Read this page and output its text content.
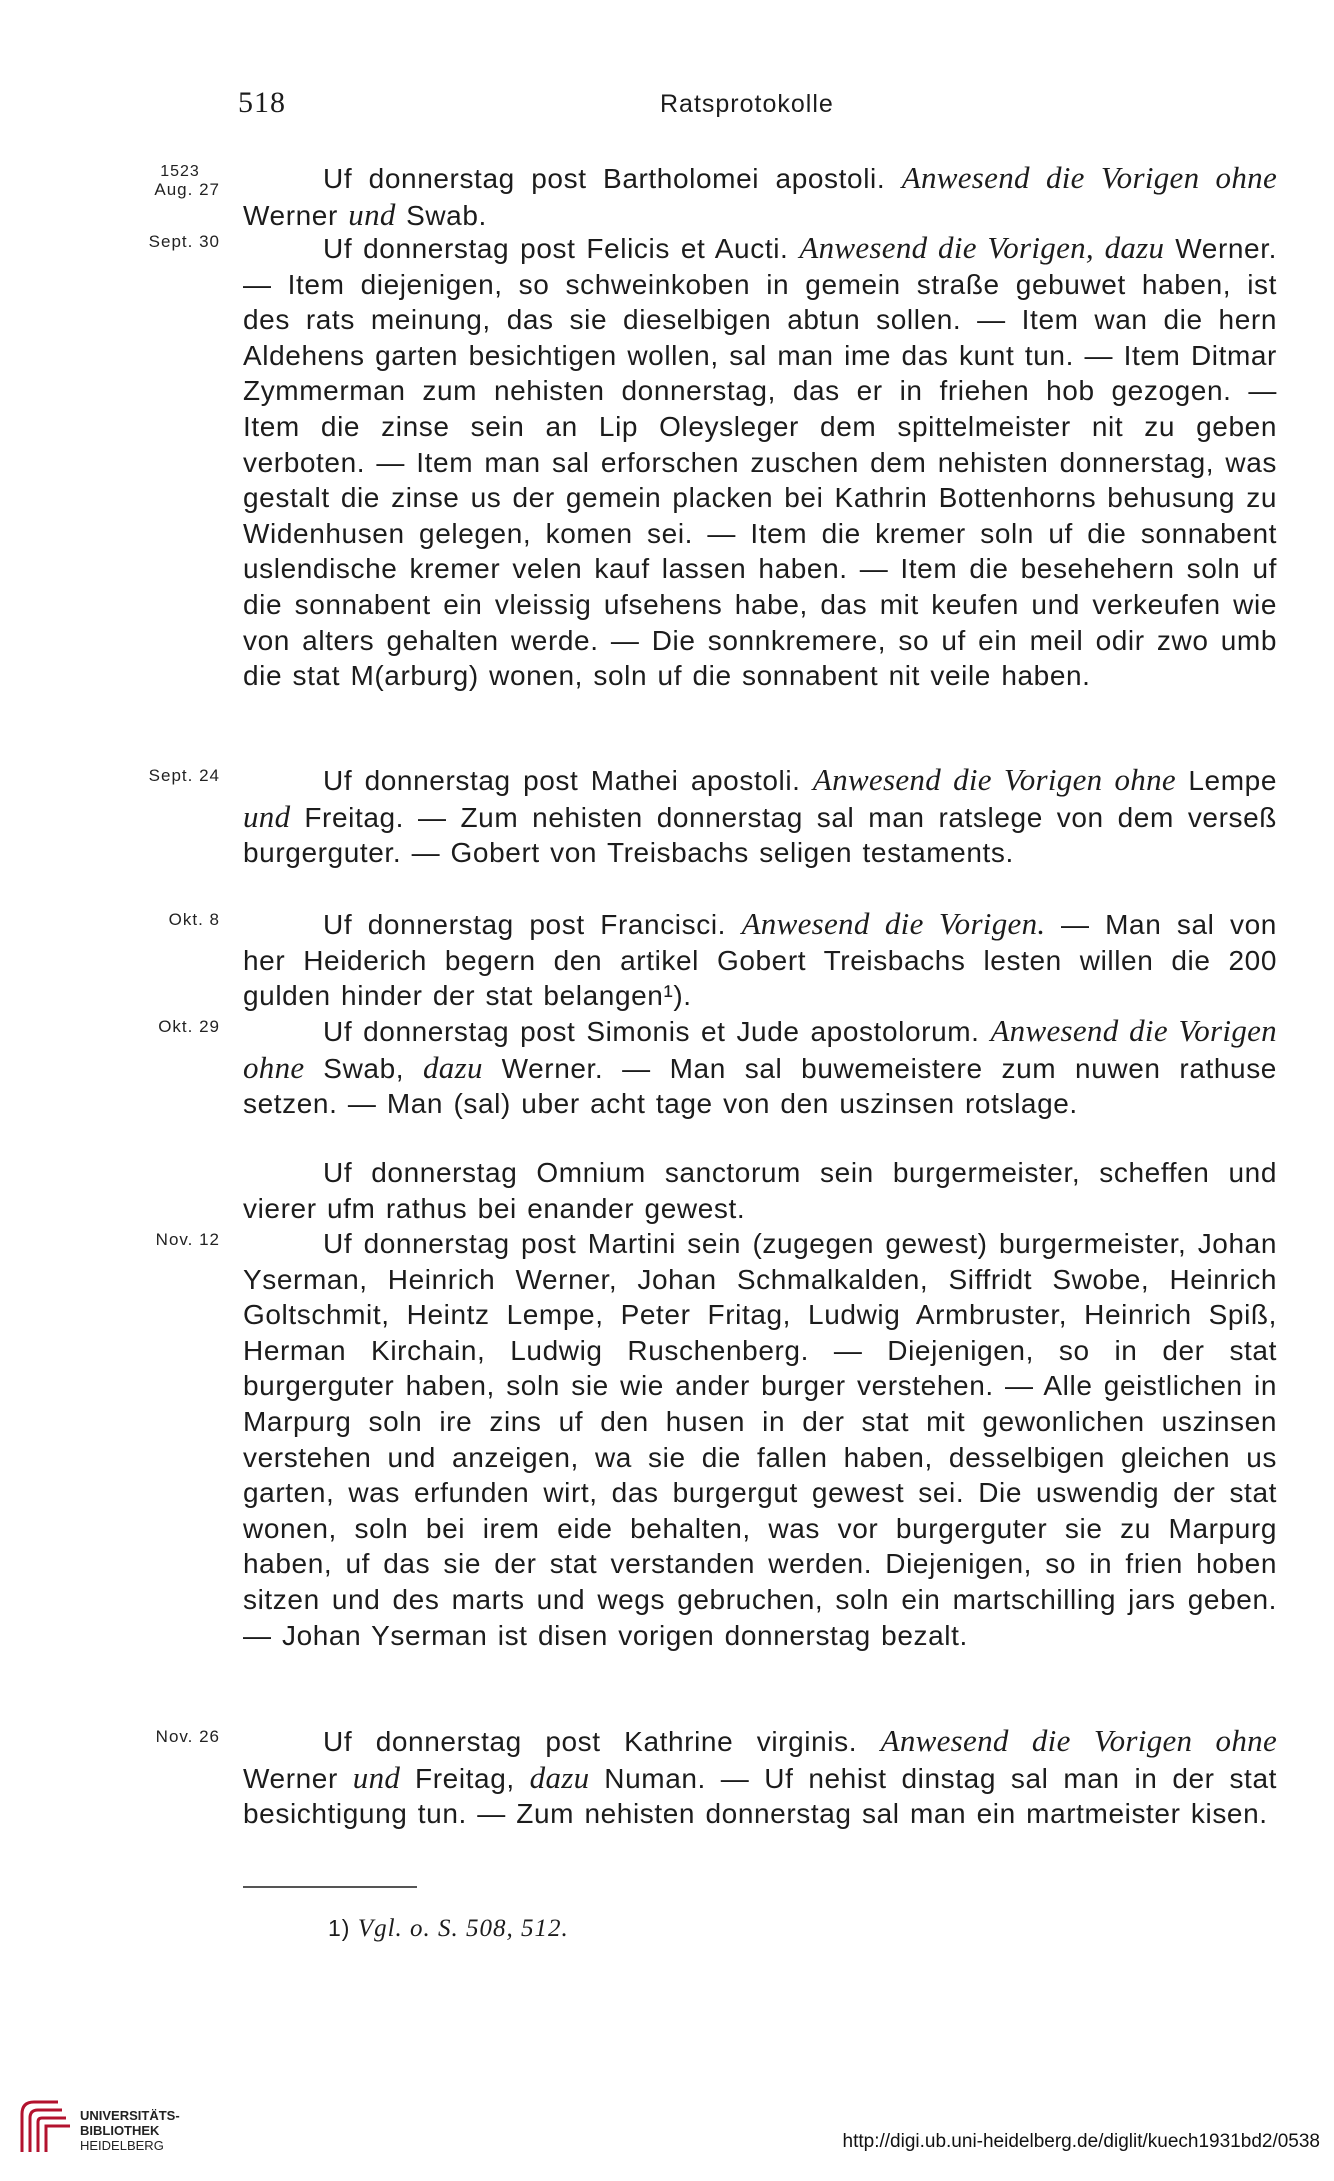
518	Ratsprotokolle
1523
Aug. 27	Uf donnerstag post Bartholomei apostoli. Anwesend die Vorigen ohne Werner und Swab.

Sept. 30	Uf donnerstag post Felicis et Aucti. Anwesend die Vorigen, dazu Werner. — Item diejenigen, so schweinkoben in gemein straße gebuwet haben, ist des rats meinung, das sie dieselbigen abtun sollen. — Item wan die hern Aldehens garten besichtigen wollen, sal man ime das kunt tun. — Item Ditmar Zymmerman zum nehisten donnerstag, das er in friehen hob gezogen. — Item die zinse sein an Lip Oleysleger dem spittelmeister nit zu geben verboten. — Item man sal erforschen zuschen dem nehisten donnerstag, was gestalt die zinse us der gemein placken bei Kathrin Bottenhorns behusung zu Widenhusen gelegen, komen sei. — Item die kremer soln uf die sonnabent uslendische kremer velen kauf lassen haben. — Item die besehehern soln uf die sonnabent ein vleissig ufsehens habe, das mit keufen und verkeufen wie von alters gehalten werde. — Die sonnkremere, so uf ein meil odir zwo umb die stat M(arburg) wonen, soln uf die sonnabent nit veile haben.

Sept. 24	Uf donnerstag post Mathei apostoli. Anwesend die Vorigen ohne Lempe und Freitag. — Zum nehisten donnerstag sal man ratslege von dem verseß burgerguter. — Gobert von Treisbachs seligen testaments.

Okt. 8	Uf donnerstag post Francisci. Anwesend die Vorigen. — Man sal von her Heiderich begern den artikel Gobert Treisbachs lesten willen die 200 gulden hinder der stat belangen¹).

Okt. 29	Uf donnerstag post Simonis et Jude apostolorum. Anwesend die Vorigen ohne Swab, dazu Werner. — Man sal buwemeistere zum nuwen rathuse setzen. — Man (sal) uber acht tage von den uszinsen rotslage.

Uf donnerstag Omnium sanctorum sein burgermeister, scheffen und vierer ufm rathus bei enander gewest.

Nov. 12	Uf donnerstag post Martini sein (zugegen gewest) burgermeister, Johan Yserman, Heinrich Werner, Johan Schmalkalden, Siffridt Swobe, Heinrich Goltschmit, Heintz Lempe, Peter Fritag, Ludwig Armbruster, Heinrich Spiß, Herman Kirchain, Ludwig Ruschenberg. — Diejenigen, so in der stat burgerguter haben, soln sie wie ander burger verstehen. — Alle geistlichen in Marpurg soln ire zins uf den husen in der stat mit gewonlichen uszinsen verstehen und anzeigen, wa sie die fallen haben, desselbigen gleichen us garten, was erfunden wirt, das burgergut gewest sei. Die uswendig der stat wonen, soln bei irem eide behalten, was vor burgerguter sie zu Marpurg haben, uf das sie der stat verstanden werden. Diejenigen, so in frien hoben sitzen und des marts und wegs gebruchen, soln ein martschilling jars geben. — Johan Yserman ist disen vorigen donnerstag bezalt.

Nov. 26	Uf donnerstag post Kathrine virginis. Anwesend die Vorigen ohne Werner und Freitag, dazu Numan. — Uf nehist dinstag sal man in der stat besichtigung tun. — Zum nehisten donnerstag sal man ein martmeister kisen.

1) Vgl. o. S. 508, 512.
UNIVERSITÄTS-
BIBLIOTHEK
HEIDELBERG	http://digi.ub.uni-heidelberg.de/diglit/kuech1931bd2/0538
